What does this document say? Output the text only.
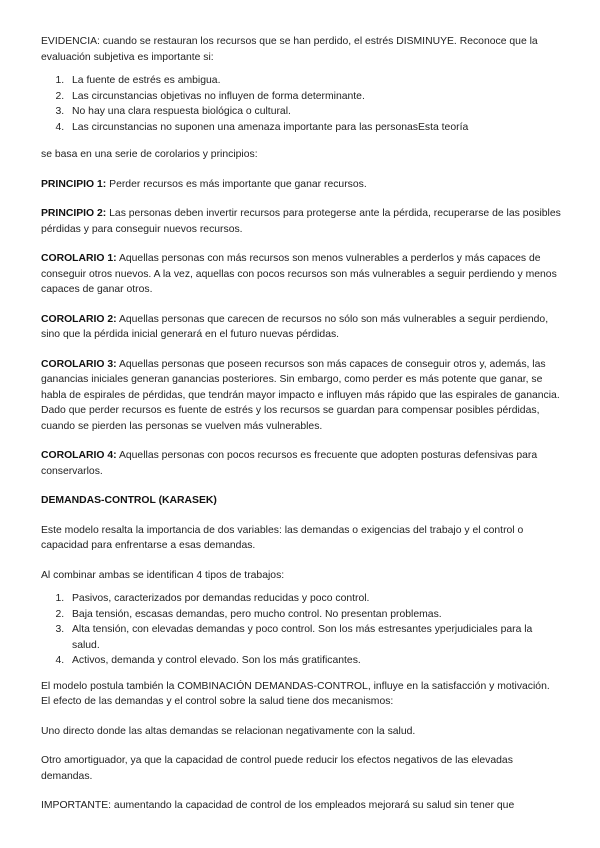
EVIDENCIA: cuando se restauran los recursos que se han perdido, el estrés DISMINUYE. Reconoce que la evaluación subjetiva es importante si:

1. La fuente de estrés es ambigua.
2. Las circunstancias objetivas no influyen de forma determinante.
3. No hay una clara respuesta biológica o cultural.
4. Las circunstancias no suponen una amenaza importante para las personasEsta teoría

se basa en una serie de corolarios y principios:

PRINCIPIO 1: Perder recursos es más importante que ganar recursos.

PRINCIPIO 2: Las personas deben invertir recursos para protegerse ante la pérdida, recuperarse de las posibles pérdidas y para conseguir nuevos recursos.

COROLARIO 1: Aquellas personas con más recursos son menos vulnerables a perderlos y más capaces de conseguir otros nuevos. A la vez, aquellas con pocos recursos son más vulnerables a seguir perdiendo y menos capaces de ganar otros.

COROLARIO 2: Aquellas personas que carecen de recursos no sólo son más vulnerables a seguir perdiendo, sino que la pérdida inicial generará en el futuro nuevas pérdidas.

COROLARIO 3: Aquellas personas que poseen recursos son más capaces de conseguir otros y, además, las ganancias iniciales generan ganancias posteriores. Sin embargo, como perder es más potente que ganar, se habla de espirales de pérdidas, que tendrán mayor impacto e influyen más rápido que las espirales de ganancia. Dado que perder recursos es fuente de estrés y los recursos se guardan para compensar posibles pérdidas, cuando se pierden las personas se vuelven más vulnerables.

COROLARIO 4: Aquellas personas con pocos recursos es frecuente que adopten posturas defensivas para conservarlos.

DEMANDAS-CONTROL (KARASEK)

Este modelo resalta la importancia de dos variables: las demandas o exigencias del trabajo y el control o capacidad para enfrentarse a esas demandas.

Al combinar ambas se identifican 4 tipos de trabajos:

1. Pasivos, caracterizados por demandas reducidas y poco control.
2. Baja tensión, escasas demandas, pero mucho control. No presentan problemas.
3. Alta tensión, con elevadas demandas y poco control. Son los más estresantes yperjudiciales para la salud.
4. Activos, demanda y control elevado. Son los más gratificantes.

El modelo postula también la COMBINACIÓN DEMANDAS-CONTROL, influye en la satisfacción y motivación. El efecto de las demandas y el control sobre la salud tiene dos mecanismos:

Uno directo donde las altas demandas se relacionan negativamente con la salud.

Otro amortiguador, ya que la capacidad de control puede reducir los efectos negativos de las elevadas demandas.

IMPORTANTE: aumentando la capacidad de control de los empleados mejorará su salud sin tener que
